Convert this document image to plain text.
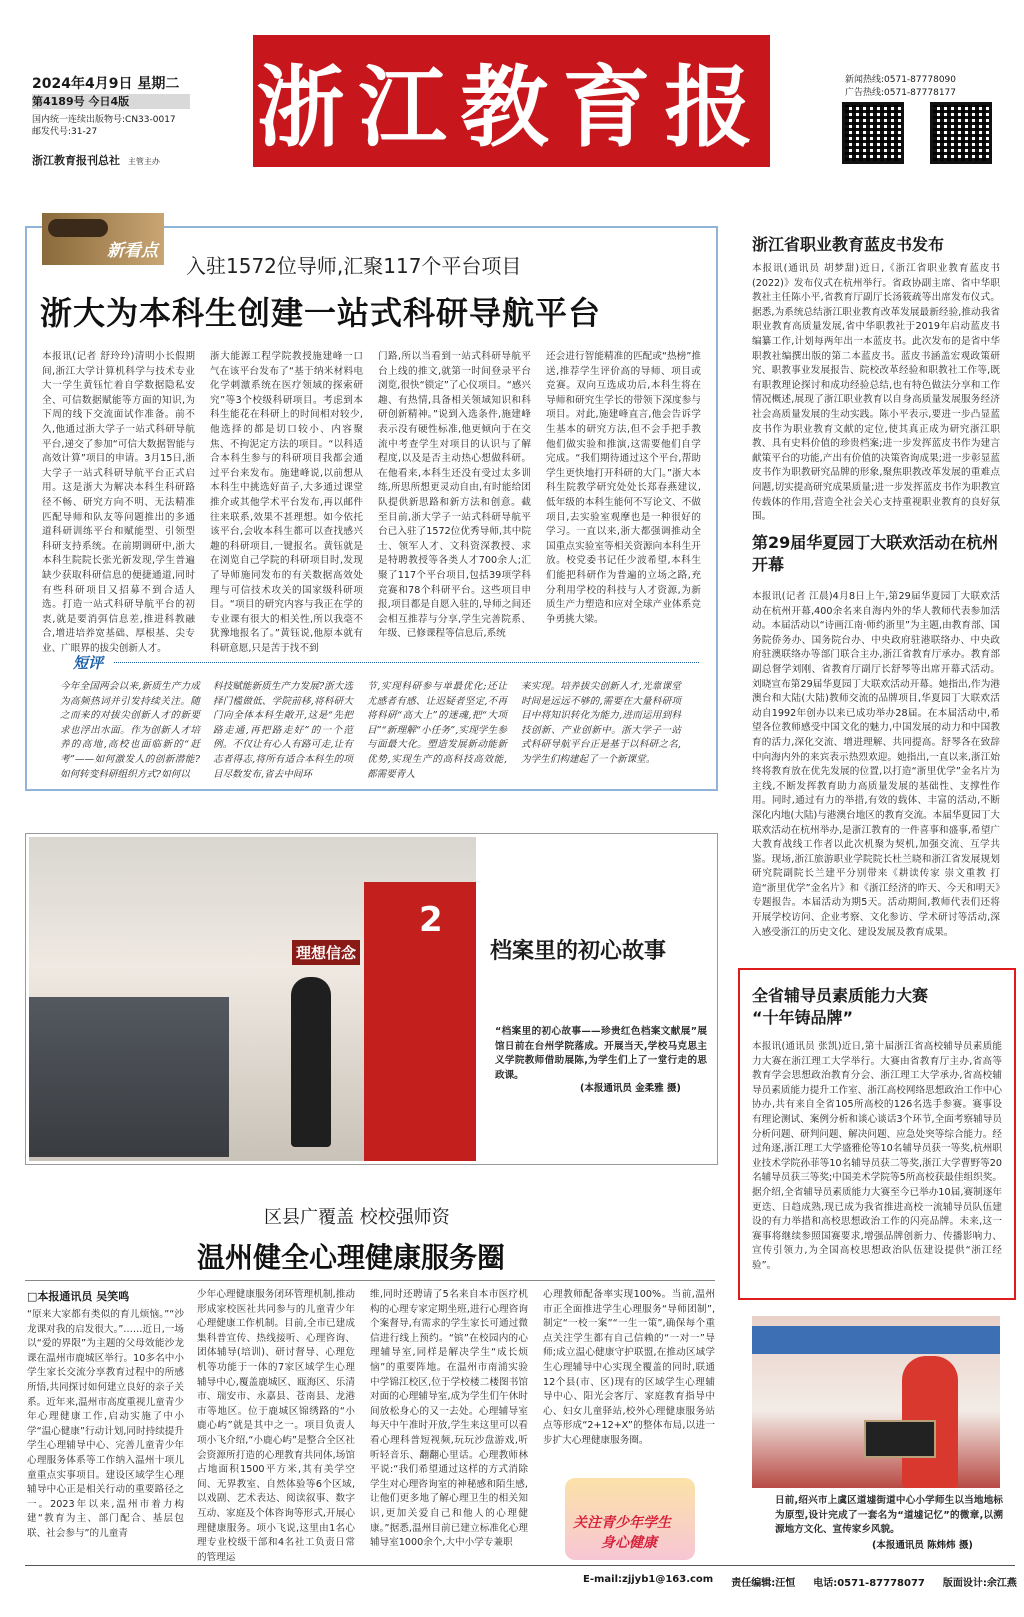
2024年4月9日 星期二
第4189号 今日4版
国内统一连续出版物号:CN33-0017
邮发代号:31-27
浙江教育报刊总社 主管主办
浙江教育报	新闻热线:0571-87778090
广告热线:0571-87778177
新看点
入驻1572位导师,汇聚117个平台项目
浙大为本科生创建一站式科研导航平台
本报讯(记者 舒玲玲)清明小长假期间,浙江大学计算机科学与技术专业大一学生黄钰忙着自学数据隐私安全、可信数据赋能等方面的知识,为下周的线下交流面试作准备。前不久,他通过浙大学子一站式科研导航平台,递交了参加“可信大数据智能与高效计算”项目的申请。3月15日,浙大学子一站式科研导航平台正式启用。这是浙大为解决本科生科研路径不畅、研究方向不明、无法精准匹配导师和队友等问题推出的多通道科研训练平台和赋能型、引领型科研支持系统。在前期调研中,浙大本科生院院长张光新发现,学生普遍缺少获取科研信息的便捷通道,同时有些科研项目又招募不到合适人选。打造一站式科研导航平台的初衷,就是要消弭信息差,推进科教融合,增进培养宽基础、厚根基、尖专业、广眼界的拔尖创新人才。
浙大能源工程学院教授施建峰一口气在该平台发布了“基于纳米材料电化学刺激系统在医疗领域的探索研究”等3个校级科研项目。考虑到本科生能花在科研上的时间相对较少,他选择的都是切口较小、内容聚焦、不拘泥定方法的项目。“以科适合本科生参与的科研项目我都会通过平台来发布。施建峰说,以前想从本科生中挑选好苗子,大多通过课堂推介或其他学术平台发布,再以邮件往来联系,效果不甚理想。如今依托该平台,会收本科生都可以查找感兴趣的科研项目,一键报名。黄钰就是在浏览自己学院的科研项目时,发现了导师施同发布的有关数据高效处理与可信技术攻关的国家级科研项目。“项目的研究内容与我正在学的专业课有很大的相关性,所以我毫不犹豫地报名了。”黄钰说,他原本就有科研意愿,只是苦于找不到
门路,所以当看到一站式科研导航平台上线的推文,就第一时间登录平台浏览,很快“锁定”了心仪项目。“感兴趣、有热情,具备相关领域知识和科研创新精神。”说到入选条件,施建峰表示没有硬性标准,他更倾向于在交流中考查学生对项目的认识与了解程度,以及是否主动热心想做科研。在他看来,本科生还没有受过太多训练,所思所想更灵动自由,有时能给团队提供新思路和新方法和创意。截至目前,浙大学子一站式科研导航平台已入驻了1572位优秀导师,其中院士、领军人才、文科资深教授、求是特聘教授等各类人才700余人;汇聚了117个平台项目,包括39项学科竞赛和78个科研平台。这些项目申报,项目都是自愿入驻的,导师之间还会相互推荐与分享,学生完善院系、年级、已修课程等信息后,系统
还会进行智能精准的匹配或“热榜”推送,推荐学生评价高的导师、项目或竞赛。双向互选成功后,本科生将在导师和研究生学长的带领下深度参与项目。对此,施建峰直言,他会告诉学生基本的研究方法,但不会手把手教他们做实验和推演,这需要他们自学完成。“我们期待通过这个平台,帮助学生更快地打开科研的大门。”浙大本科生院教学研究处处长郑春燕建议,低年级的本科生能何不写论文、不做项目,去实验室观摩也是一种很好的学习。一直以来,浙大都强调推动全国重点实验室等相关资源向本科生开放。校党委书记任少波希望,本科生们能把科研作为普遍的立场之路,充分利用学校的科技与人才资源,为新质生产力塑造和应对全球产业体系竞争勇挑大梁。
短评
今年全国两会以来,新质生产力成为高频热词并引发持续关注。随之而来的对拔尖创新人才的新要求也浮出水面。作为创新人才培养的高地,高校也面临新的“赶考”——如何激发人的创新潜能?如何转变科研组织方式?如何以
科技赋能新质生产力发展?浙大选择门槛做低、学院前移,将科研大门向全体本科生敞开,这是“先把路走通,再把路走好”的一个范例。不仅让有心人有路可走,让有志者得志,将所有适合本科生的项目尽数发布,省去中间环
节,实现科研参与单最优化;还让尤感者有感、让迟疑者坚定,不再将科研“高大上”的迷魂,把“大项目”“新理解“小任务”,实现学生参与面最大化。塑造发展新动能新优势,实现生产的高科技高效能,都需要青人
来实现。培养拔尖创新人才,光靠课堂时间是远远不够的,需要在大量科研项目中将知识转化为能力,进而运用到科技创新、产业创新中。浙大学子一站式科研导航平台正是基于以科研之名,为学生们构建起了一个新课堂。
2
理想信念	档案里的初心故事
“档案里的初心故事——珍贵红色档案文献展”展馆日前在台州学院落成。开展当天,学校马克思主义学院教师借助展陈,为学生们上了一堂行走的思政课。
(本报通讯员 金柔雅 摄)
区县广覆盖 校校强师资
温州健全心理健康服务圈
□本报通讯员 吴笑鸣
“原来大家都有类似的育儿烦恼。”“沙龙课对我的启发很大。”……近日,一场以“爱的界限”为主题的父母效能沙龙课在温州市鹿城区举行。10多名中小学生家长交流分享教育过程中的所感所悟,共同探讨如何建立良好的亲子关系。近年来,温州市高度重视儿童青少年心理健康工作,启动实施了中小学“温心健康”行动计划,同时持续提升学生心理辅导中心、完善儿童青少年心理服务体系等工作纳入温州十项儿童重点实事项目。建设区域学生心理辅导中心正是相关行动的重要路径之一。2023年以来,温州市着力构建“教育为主、部门配合、基层包联、社会参与”的儿童青
少年心理健康服务闭环管理机制,推动形成家校医社共同参与的儿童青少年心理健康工作机制。目前,全市已建成集科普宣传、热线接听、心理咨询、团体辅导(培训)、研讨督导、心理危机等功能于一体的7家区域学生心理辅导中心,覆盖鹿城区、瓯海区、乐清市、瑞安市、永嘉县、苍南县、龙港市等地区。位于鹿城区锦绣路的“小鹿心屿”就是其中之一。项目负责人项小飞介绍,“小鹿心屿”是整合全区社会资源所打造的心理教育共同体,场馆占地面积1500平方米,其有美学空间、无界教室、自然体验等6个区域,以戏剧、艺术表达、阅读叙事、数字互动、家庭及个体咨询等形式,开展心理健康服务。项小飞说,这里由1名心理专业校级干部和4名社工负责日常的管理运
维,同时还聘请了5名来自本市医疗机构的心理专家定期坐班,进行心理咨询个案督导,有需求的学生家长可通过微信进行线上预约。“镔”在校园内的心理辅导室,同样是解决学生“成长烦恼”的重要阵地。在温州市南浦实验中学锦江校区,位于学校楼二楼图书馆对面的心理辅导室,成为学生们午休时间放松身心的又一去处。心理辅导室每天中午准时开放,学生来这里可以看看心理科普短视频,玩玩沙盘游戏,听听轻音乐、翻翻心里话。心理教师林平说:“我们希望通过这样的方式消除学生对心理咨询室的神秘感和陌生感,让他们更多地了解心理卫生的相关知识,更加关爱自己和他人的心理健康。”据悉,温州目前已建立标准化心理辅导室1000余个,大中小学专兼职
心理教师配备率实现100%。当前,温州市正全面推进学生心理服务“导师团制”,制定“一校一案”“一生一策”,确保每个重点关注学生都有自己信赖的“一对一”导师;成立温心健康守护联盟,在推动区域学生心理辅导中心实现全覆盖的同时,联通12个县(市、区)现有的区域学生心理辅导中心、阳光会客厅、家庭教育指导中心、妇女儿童驿站,校外心理健康服务站点等形成“2+12+X”的整体布局,以进一步扩大心理健康服务圈。
关注青少年学生
身心健康
浙江省职业教育蓝皮书发布
本报讯(通讯员 胡梦甜)近日,《浙江省职业教育蓝皮书(2022)》发布仪式在杭州举行。省政协副主席、省中华职教社主任陈小平,省教育厅副厅长汤筱疏等出席发布仪式。据悉,为系统总结浙江职业教育改革发展最新经验,推动我省职业教育高质量发展,省中华职教社于2019年启动蓝皮书编纂工作,计划每两年出一本蓝皮书。此次发布的是省中华职教社编撰出版的第二本蓝皮书。蓝皮书涵盖宏观政策研究、职教事业发展报告、院校改革经验和职教社工作等,既有职教理论探讨和成功经验总结,也有特色做法分享和工作情况概述,展现了浙江职业教育以自身高质量发展服务经济社会高质量发展的生动实践。陈小平表示,要进一步凸显蓝皮书作为职业教育文献的定位,使其真正成为研究浙江职教、具有史料价值的珍贵档案;进一步发挥蓝皮书作为建言献策平台的功能,产出有价值的决策咨询成果;进一步彰显蓝皮书作为职教研究品牌的形象,聚焦职教改革发展的重难点问题,切实提高研究成果质量;进一步发挥蓝皮书作为职教宣传载体的作用,营造全社会关心支持重视职业教育的良好氛围。
第29届华夏园丁大联欢活动在杭州开幕
本报讯(记者 江晨)4月8日上午,第29届华夏园丁大联欢活动在杭州开幕,400余名来自海内外的华人教师代表参加活动。本届活动以“诗画江南·师约浙里”为主题,由教育部、国务院侨务办、国务院台办、中央政府驻港联络办、中央政府驻澳联络办等部门联合主办,浙江省教育厅承办。教育部副总督学刘刚、省教育厅副厅长舒琴等出席开幕式活动。刘晓宣布第29届华夏园丁大联欢活动开幕。她指出,作为港澳台和大陆(大陆)教师交流的品牌项目,华夏园丁大联欢活动自1992年创办以来已成功举办28届。在本届活动中,希望各位教师感受中国文化的魅力,中国发展的动力和中国教育的活力,深化交流、增进理解、共同提高。舒琴各在致辞中向海内外的来宾表示热烈欢迎。她指出,一直以来,浙江始终将教育放在优先发展的位置,以打造“浙里优学”金名片为主线,不断发挥教育助力高质量发展的基础性、支撑性作用。同时,通过有力的举措,有效的载体、丰富的活动,不断深化内地(大陆)与港澳台地区的教育交流。本届华夏园丁大联欢活动在杭州举办,是浙江教育的一件喜事和盛事,希望广大教育战线工作者以此次机聚为契机,加强交流、互学共鉴。现场,浙江旅游职业学院院长杜兰晓和浙江省发展规划研究院副院长兰建平分别带来《耕读传家 崇文重教 打造“浙里优学”金名片》和《浙江经济的昨天、今天和明天》专题报告。本届活动为期5天。活动期间,教师代表们还将开展学校访问、企业考察、文化参访、学术研讨等活动,深入感受浙江的历史文化、建设发展及教育成果。
全省辅导员素质能力大赛
“十年铸品牌”
本报讯(通讯员 张凯)近日,第十届浙江省高校辅导员素质能力大赛在浙江理工大学举行。大赛由省教育厅主办,省高等教育学会思想政治教育分会、浙江理工大学承办,省高校辅导员素质能力提升工作室、浙江高校网络思想政治工作中心协办,共有来自全省105所高校的126名选手参赛。赛事设有理论测试、案例分析和谈心谈话3个环节,全面考察辅导员分析问题、研判问题、解决问题、应急处突等综合能力。经过角逐,浙江理工大学盛雅伦等10名辅导员获一等奖,杭州职业技术学院孙菲等10名辅导员获二等奖,浙江大学曹野等20名辅导员获三等奖;中国美术学院等5所高校获最佳组织奖。据介绍,全省辅导员素质能力大赛至今已举办10届,赛制逐年更迭、日趋成熟,现已成为我省推进高校一流辅导员队伍建设的有力举措和高校思想政治工作的闪亮品牌。未来,这一赛事将继续参照国赛要求,增强品牌创新力、传播影响力、宣传引领力,为全国高校思想政治队伍建设提供“浙江经验”。
日前,绍兴市上虞区道墟街道中心小学师生以当地地标为原型,设计完成了一套名为“道墟记忆”的微章,以溯源地方文化、宣传家乡风貌。
(本报通讯员 陈炜炜 摄)
E-mail:zjjyb1@163.com 责任编辑:汪恒 电话:0571-87778077 版面设计:余江燕
